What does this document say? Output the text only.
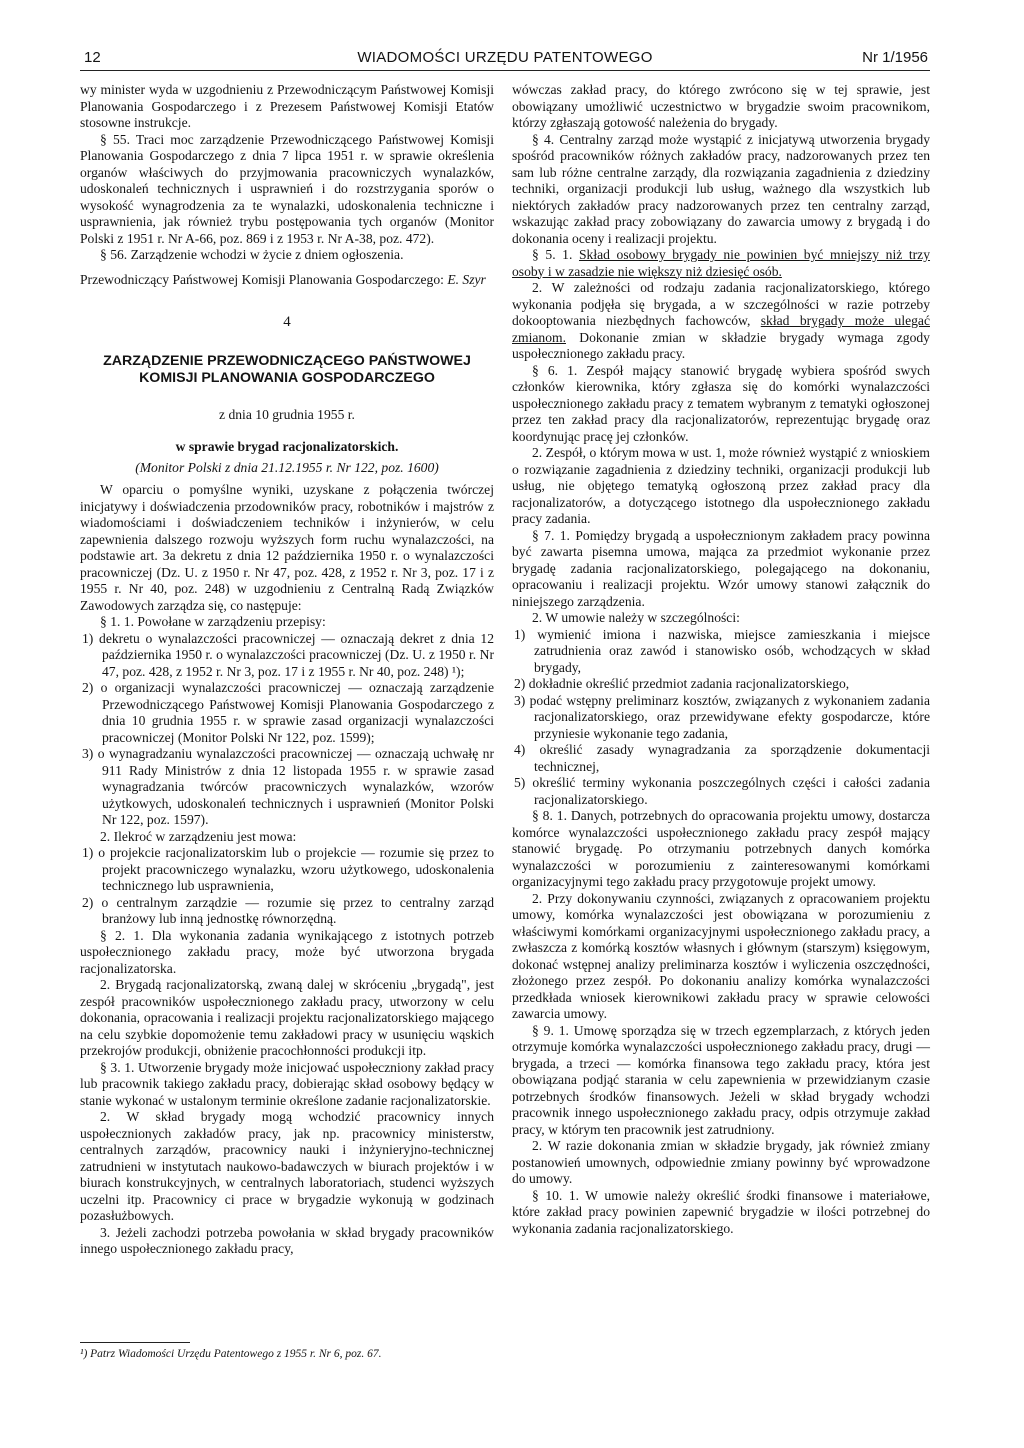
12	WIADOMOŚCI URZĘDU PATENTOWEGO	Nr 1/1956

wy minister wyda w uzgodnieniu z Przewodniczącym Państwowej Komisji Planowania Gospodarczego i z Prezesem Państwowej Komisji Etatów stosowne instrukcje.

§ 55. Traci moc zarządzenie Przewodniczącego Państwowej Komisji Planowania Gospodarczego z dnia 7 lipca 1951 r. w sprawie określenia organów właściwych do przyjmowania pracowniczych wynalazków, udoskonaleń technicznych i usprawnień i do rozstrzygania sporów o wysokość wynagrodzenia za te wynalazki, udoskonalenia techniczne i usprawnienia, jak również trybu postępowania tych organów (Monitor Polski z 1951 r. Nr A-66, poz. 869 i z 1953 r. Nr A-38, poz. 472).

§ 56. Zarządzenie wchodzi w życie z dniem ogłoszenia.

Przewodniczący Państwowej Komisji Planowania Gospodarczego: E. Szyr
4
ZARZĄDZENIE PRZEWODNICZĄCEGO PAŃSTWOWEJ KOMISJI PLANOWANIA GOSPODARCZEGO
z dnia 10 grudnia 1955 r.
w sprawie brygad racjonalizatorskich.
(Monitor Polski z dnia 21.12.1955 r. Nr 122, poz. 1600)

W oparciu o pomyślne wyniki, uzyskane z połączenia twórczej inicjatywy i doświadczenia przodowników pracy, robotników i majstrów z wiadomościami i doświadczeniem techników i inżynierów, w celu zapewnienia dalszego rozwoju wyższych form ruchu wynalazczości, na podstawie art. 3a dekretu z dnia 12 października 1950 r. o wynalazczości pracowniczej (Dz. U. z 1950 r. Nr 47, poz. 428, z 1952 r. Nr 3, poz. 17 i z 1955 r. Nr 40, poz. 248) w uzgodnieniu z Centralną Radą Związków Zawodowych zarządza się, co następuje:

§ 1. 1. Powołane w zarządzeniu przepisy:

1) dekretu o wynalazczości pracowniczej — oznaczają dekret z dnia 12 października 1950 r. o wynalazczości pracowniczej (Dz. U. z 1950 r. Nr 47, poz. 428, z 1952 r. Nr 3, poz. 17 i z 1955 r. Nr 40, poz. 248) ¹);

2) o organizacji wynalazczości pracowniczej — oznaczają zarządzenie Przewodniczącego Państwowej Komisji Planowania Gospodarczego z dnia 10 grudnia 1955 r. w sprawie zasad organizacji wynalazczości pracowniczej (Monitor Polski Nr 122, poz. 1599);

3) o wynagradzaniu wynalazczości pracowniczej — oznaczają uchwałę nr 911 Rady Ministrów z dnia 12 listopada 1955 r. w sprawie zasad wynagradzania twórców pracowniczych wynalazków, wzorów użytkowych, udoskonaleń technicznych i usprawnień (Monitor Polski Nr 122, poz. 1597).

2. Ilekroć w zarządzeniu jest mowa:

1) o projekcie racjonalizatorskim lub o projekcie — rozumie się przez to projekt pracowniczego wynalazku, wzoru użytkowego, udoskonalenia technicznego lub usprawnienia,

2) o centralnym zarządzie — rozumie się przez to centralny zarząd branżowy lub inną jednostkę równorzędną.

§ 2. 1. Dla wykonania zadania wynikającego z istotnych potrzeb uspołecznionego zakładu pracy, może być utworzona brygada racjonalizatorska.

2. Brygadą racjonalizatorską, zwaną dalej w skróceniu „brygadą", jest zespół pracowników uspołecznionego zakładu pracy, utworzony w celu dokonania, opracowania i realizacji projektu racjonalizatorskiego mającego na celu szybkie dopomożenie temu zakładowi pracy w usunięciu wąskich przekrojów produkcji, obniżenie pracochłonności produkcji itp.

§ 3. 1. Utworzenie brygady może inicjować uspołeczniony zakład pracy lub pracownik takiego zakładu pracy, dobierając skład osobowy będący w stanie wykonać w ustalonym terminie określone zadanie racjonalizatorskie.

2. W skład brygady mogą wchodzić pracownicy innych uspołecznionych zakładów pracy, jak np. pracownicy ministerstw, centralnych zarządów, pracownicy nauki i inżynieryjno-technicznej zatrudnieni w instytutach naukowo-badawczych w biurach projektów i w biurach konstrukcyjnych, w centralnych laboratoriach, studenci wyższych uczelni itp. Pracownicy ci prace w brygadzie wykonują w godzinach pozasłużbowych.

3. Jeżeli zachodzi potrzeba powołania w skład brygady pracowników innego uspołecznionego zakładu pracy,

¹) Patrz Wiadomości Urzędu Patentowego z 1955 r. Nr 6, poz. 67.

wówczas zakład pracy, do którego zwrócono się w tej sprawie, jest obowiązany umożliwić uczestnictwo w brygadzie swoim pracownikom, którzy zgłaszają gotowość należenia do brygady.

§ 4. Centralny zarząd może wystąpić z inicjatywą utworzenia brygady spośród pracowników różnych zakładów pracy, nadzorowanych przez ten sam lub różne centralne zarządy, dla rozwiązania zagadnienia z dziedziny techniki, organizacji produkcji lub usług, ważnego dla wszystkich lub niektórych zakładów pracy nadzorowanych przez ten centralny zarząd, wskazując zakład pracy zobowiązany do zawarcia umowy z brygadą i do dokonania oceny i realizacji projektu.

§ 5. 1. Skład osobowy brygady nie powinien być mniejszy niż trzy osoby i w zasadzie nie większy niż dziesięć osób.

2. W zależności od rodzaju zadania racjonalizatorskiego, którego wykonania podjęła się brygada, a w szczególności w razie potrzeby dokooptowania niezbędnych fachowców, skład brygady może ulegać zmianom. Dokonanie zmian w składzie brygady wymaga zgody uspołecznionego zakładu pracy.

§ 6. 1. Zespół mający stanowić brygadę wybiera spośród swych członków kierownika, który zgłasza się do komórki wynalazczości uspołecznionego zakładu pracy z tematem wybranym z tematyki ogłoszonej przez ten zakład pracy dla racjonalizatorów, reprezentując brygadę oraz koordynując pracę jej członków.

2. Zespół, o którym mowa w ust. 1, może również wystąpić z wnioskiem o rozwiązanie zagadnienia z dziedziny techniki, organizacji produkcji lub usług, nie objętego tematyką ogłoszoną przez zakład pracy dla racjonalizatorów, a dotyczącego istotnego dla uspołecznionego zakładu pracy zadania.

§ 7. 1. Pomiędzy brygadą a uspołecznionym zakładem pracy powinna być zawarta pisemna umowa, mająca za przedmiot wykonanie przez brygadę zadania racjonalizatorskiego, polegającego na dokonaniu, opracowaniu i realizacji projektu. Wzór umowy stanowi załącznik do niniejszego zarządzenia.

2. W umowie należy w szczególności:

1) wymienić imiona i nazwiska, miejsce zamieszkania i miejsce zatrudnienia oraz zawód i stanowisko osób, wchodzących w skład brygady,

2) dokładnie określić przedmiot zadania racjonalizatorskiego,

3) podać wstępny preliminarz kosztów, związanych z wykonaniem zadania racjonalizatorskiego, oraz przewidywane efekty gospodarcze, które przyniesie wykonanie tego zadania,

4) określić zasady wynagradzania za sporządzenie dokumentacji technicznej,

5) określić terminy wykonania poszczególnych części i całości zadania racjonalizatorskiego.

§ 8. 1. Danych, potrzebnych do opracowania projektu umowy, dostarcza komórce wynalazczości uspołecznionego zakładu pracy zespół mający stanowić brygadę. Po otrzymaniu potrzebnych danych komórka wynalazczości w porozumieniu z zainteresowanymi komórkami organizacyjnymi tego zakładu pracy przygotowuje projekt umowy.

2. Przy dokonywaniu czynności, związanych z opracowaniem projektu umowy, komórka wynalazczości jest obowiązana w porozumieniu z właściwymi komórkami organizacyjnymi uspołecznionego zakładu pracy, a zwłaszcza z komórką kosztów własnych i głównym (starszym) księgowym, dokonać wstępnej analizy preliminarza kosztów i wyliczenia oszczędności, złożonego przez zespół. Po dokonaniu analizy komórka wynalazczości przedkłada wniosek kierownikowi zakładu pracy w sprawie celowości zawarcia umowy.

§ 9. 1. Umowę sporządza się w trzech egzemplarzach, z których jeden otrzymuje komórka wynalazczości uspołecznionego zakładu pracy, drugi — brygada, a trzeci — komórka finansowa tego zakładu pracy, która jest obowiązana podjąć starania w celu zapewnienia w przewidzianym czasie potrzebnych środków finansowych. Jeżeli w skład brygady wchodzi pracownik innego uspołecznionego zakładu pracy, odpis otrzymuje zakład pracy, w którym ten pracownik jest zatrudniony.

2. W razie dokonania zmian w składzie brygady, jak również zmiany postanowień umownych, odpowiednie zmiany powinny być wprowadzone do umowy.

§ 10. 1. W umowie należy określić środki finansowe i materiałowe, które zakład pracy powinien zapewnić brygadzie w ilości potrzebnej do wykonania zadania racjonalizatorskiego.
